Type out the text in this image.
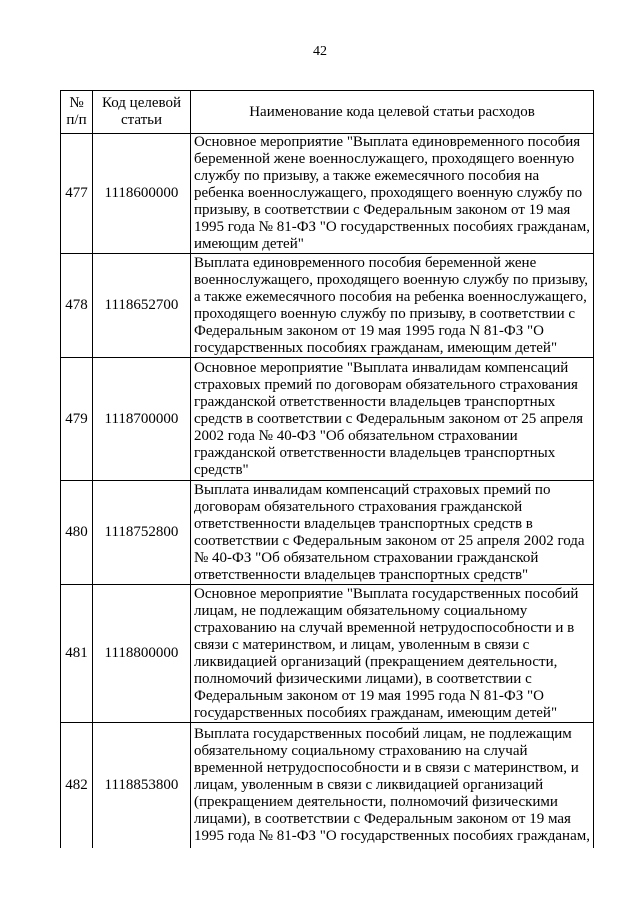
42
№ п/п	Код целевой статьи	Наименование кода целевой статьи расходов
477	1118600000	Основное мероприятие "Выплата единовременного пособия беременной жене военнослужащего, проходящего военную службу по призыву, а также ежемесячного пособия на ребенка военнослужащего, проходящего военную службу по призыву, в соответствии с Федеральным законом от 19 мая 1995 года № 81-ФЗ "О государственных пособиях гражданам, имеющим детей"
478	1118652700	Выплата единовременного пособия беременной жене военнослужащего, проходящего военную службу по призыву, а также ежемесячного пособия на ребенка военнослужащего, проходящего военную службу по призыву, в соответствии с Федеральным законом от 19 мая 1995 года N 81-ФЗ "О государственных пособиях гражданам, имеющим детей"
479	1118700000	Основное мероприятие "Выплата инвалидам компенсаций страховых премий по договорам обязательного страхования гражданской ответственности владельцев транспортных средств в соответствии с Федеральным законом от 25 апреля 2002 года № 40-ФЗ "Об обязательном страховании гражданской ответственности владельцев транспортных средств"
480	1118752800	Выплата инвалидам компенсаций страховых премий по договорам обязательного страхования гражданской ответственности владельцев транспортных средств в соответствии с Федеральным законом от 25 апреля 2002 года № 40-ФЗ "Об обязательном страховании гражданской ответственности владельцев транспортных средств"
481	1118800000	Основное мероприятие "Выплата государственных пособий лицам, не подлежащим обязательному социальному страхованию на случай временной нетрудоспособности и в связи с материнством, и лицам, уволенным в связи с ликвидацией организаций (прекращением деятельности, полномочий физическими лицами), в соответствии с Федеральным законом от 19 мая 1995 года N 81-ФЗ "О государственных пособиях гражданам, имеющим детей"
482	1118853800	Выплата государственных пособий лицам, не подлежащим обязательному социальному страхованию на случай временной нетрудоспособности и в связи с материнством, и лицам, уволенным в связи с ликвидацией организаций (прекращением деятельности, полномочий физическими лицами), в соответствии с Федеральным законом от 19 мая 1995 года № 81-ФЗ "О государственных пособиях гражданам,
